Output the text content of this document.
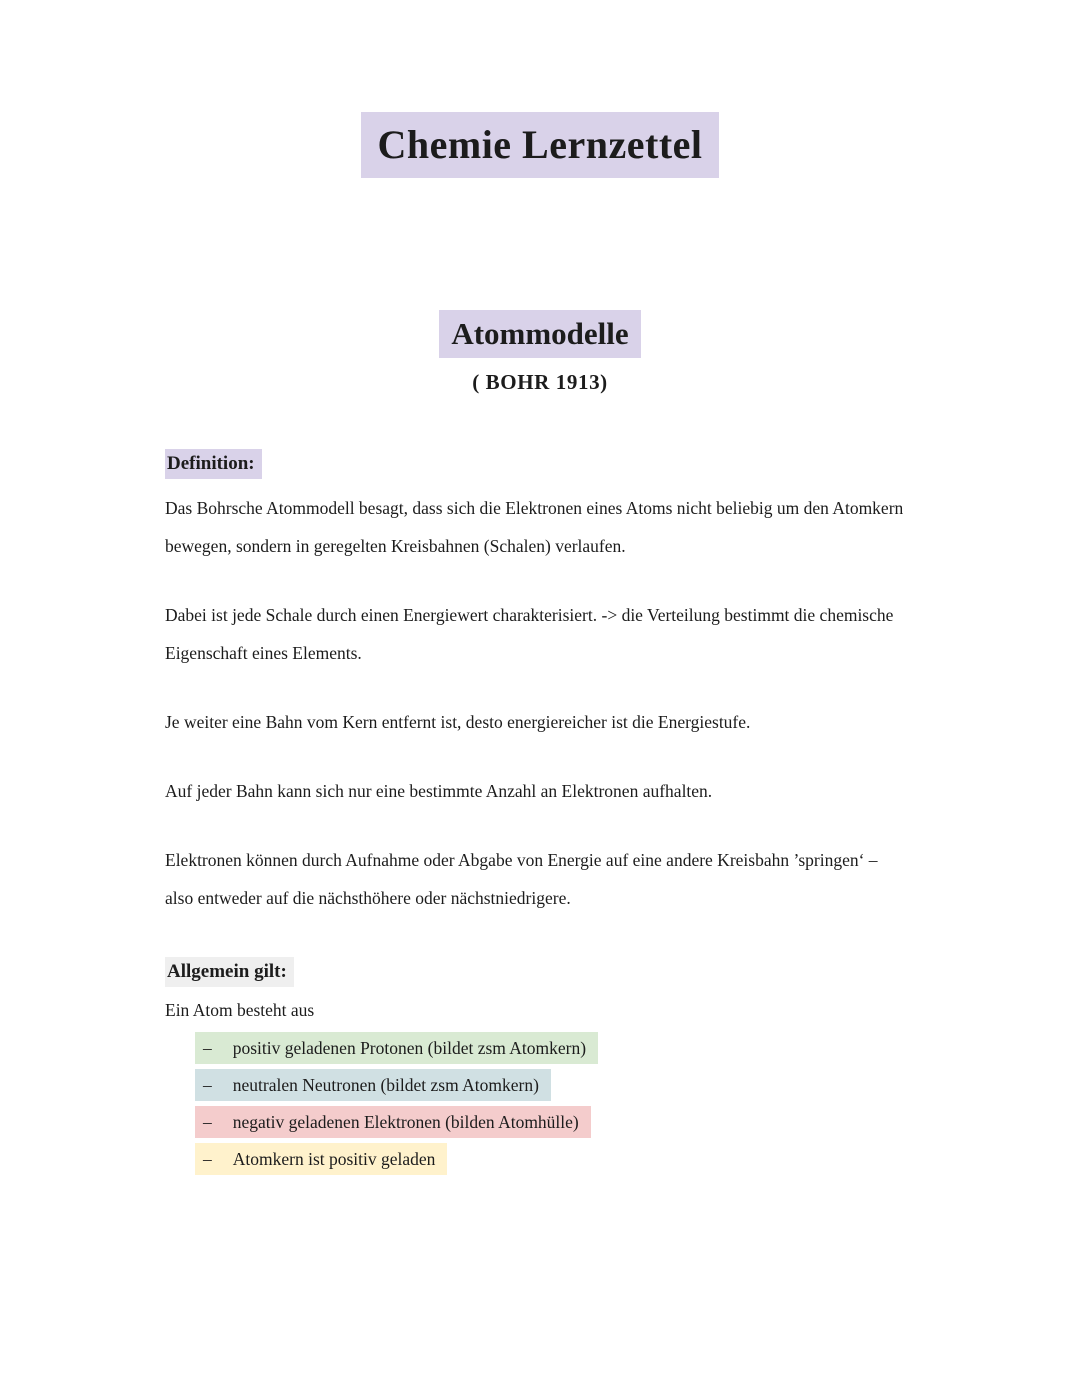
Chemie Lernzettel
Atommodelle
( BOHR 1913)
Definition:

Das Bohrsche Atommodell besagt, dass sich die Elektronen eines Atoms nicht beliebig um den Atomkern bewegen, sondern in geregelten Kreisbahnen (Schalen) verlaufen.

Dabei ist jede Schale durch einen Energiewert charakterisiert. -> die Verteilung bestimmt die chemische Eigenschaft eines Elements.

Je weiter eine Bahn vom Kern entfernt ist, desto energiereicher ist die Energiestufe.

Auf jeder Bahn kann sich nur eine bestimmte Anzahl an Elektronen aufhalten.

Elektronen können durch Aufnahme oder Abgabe von Energie auf eine andere Kreisbahn ’springen‘ – also entweder auf die nächsthöhere oder nächstniedrigere.

Allgemein gilt:
Ein Atom besteht aus
– positiv geladenen Protonen (bildet zsm Atomkern)
– neutralen Neutronen (bildet zsm Atomkern)
– negativ geladenen Elektronen (bilden Atomhülle)
– Atomkern ist positiv geladen
